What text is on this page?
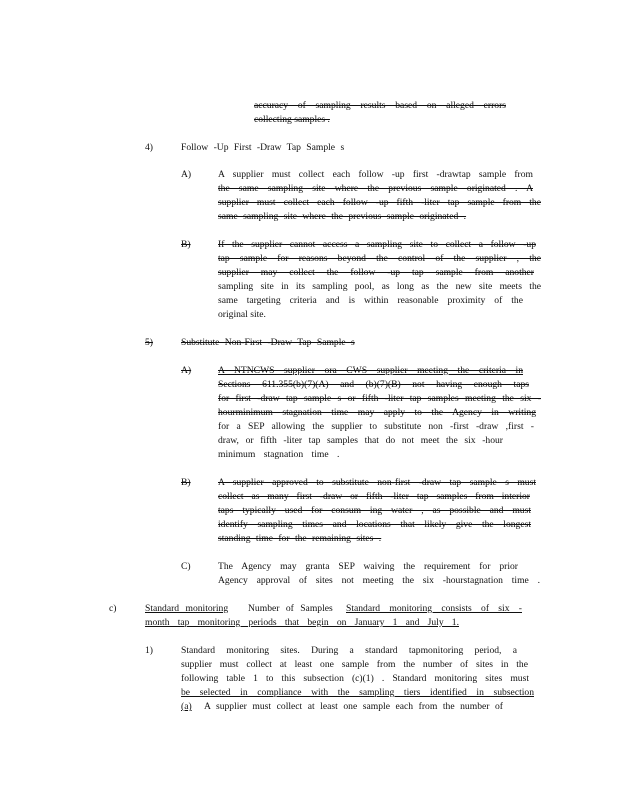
accuracy of sampling results based on alleged errors
collecting samples .
4)	Follow -Up First -Draw Tap Sample s
A)	A supplier must collect each follow -up first -drawtap sample from
the same sampling site where the previous sample originated . A
supplier must collect each follow -up fifth -liter tap sample from the
same sampling site where the previous sample originated .
B)	If the supplier cannot access a sampling site to collect a follow -up
tap sample for reasons beyond the control of the supplier , the
supplier may collect the follow -up tap sample from another
sampling site in its sampling pool, as long as the new site meets the
same targeting criteria and is within reasonable proximity of the
original site.
5)	Substitute Non-First -Draw Tap Sample s
A)	A NTNCWS supplier ora CWS supplier meeting the criteria in
Sections 611.355(b)(7)(A) and (b)(7)(B) not having enough taps
for first -draw tap sample s or fifth -liter tap samples meeting the six -
hourminimum stagnation time may apply to the Agency in writing
for a SEP allowing the supplier to substitute non -first -draw ,first -
draw, or fifth -liter tap samples that do not meet the six -hour
minimum stagnation time .
B)	A supplier approved to substitute non-first -draw tap sample s must
collect as many first -draw or fifth -liter tap samples from interior
taps typically used for consum ing water , as possible and must
identify sampling times and locations that likely give the longest
standing time for the remaining sites .
C)	The Agency may granta SEP waiving the requirement for prior
Agency approval of sites not meeting the six -hourstagnation time .
c)	Standard monitoring Number of Samples Standard monitoring consists of six -
month tap monitoring periods that begin on January 1 and July 1.
1)	Standard monitoring sites. During a standard tapmonitoring period, a
supplier must collect at least one sample from the number of sites in the
following table 1 to this subsection (c)(1) . Standard monitoring sites must
be selected in compliance with the sampling tiers identified in subsection
(a) A supplier must collect at least one sample each from the number of
